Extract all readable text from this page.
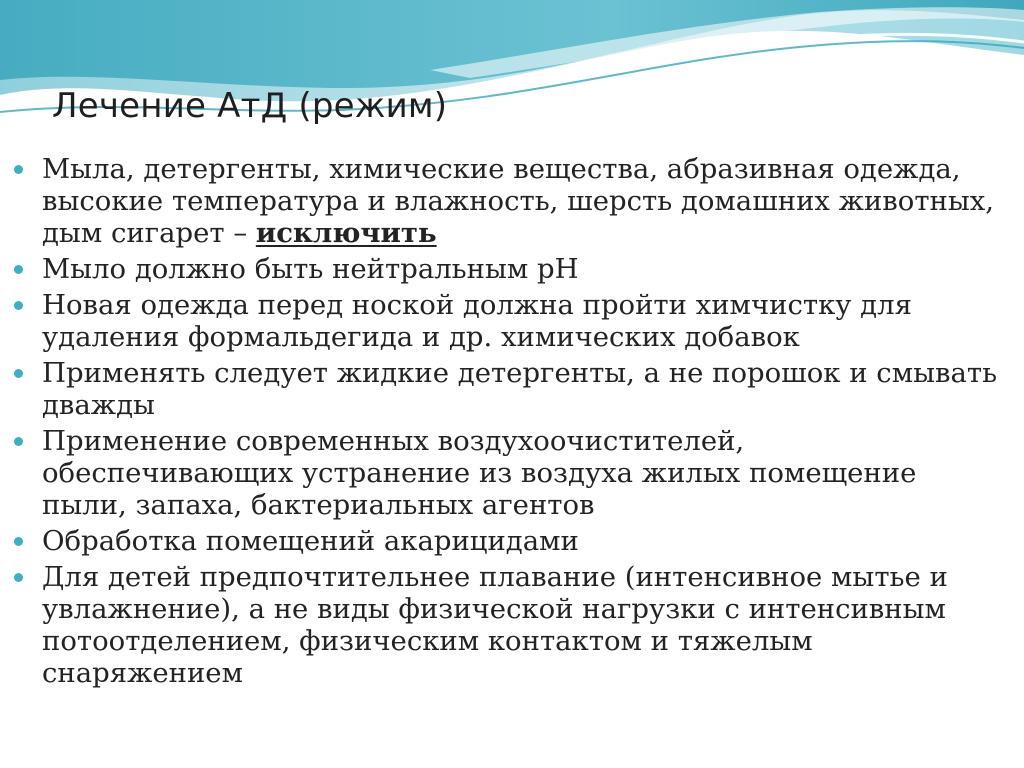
Лечение АтД (режим)
Мыла, детергенты, химические вещества, абразивная одежда, высокие температура и влажность, шерсть домашних животных, дым сигарет – исключить
Мыло должно быть нейтральным рН
Новая одежда перед ноской должна пройти химчистку для удаления формальдегида и др. химических добавок
Применять следует жидкие детергенты, а не порошок и смывать дважды
Применение современных воздухоочистителей, обеспечивающих устранение из воздуха жилых помещение пыли, запаха, бактериальных агентов
Обработка помещений акарицидами
Для детей предпочтительнее плавание (интенсивное мытье и увлажнение), а не виды физической нагрузки с интенсивным потоотделением, физическим контактом и тяжелым снаряжением
